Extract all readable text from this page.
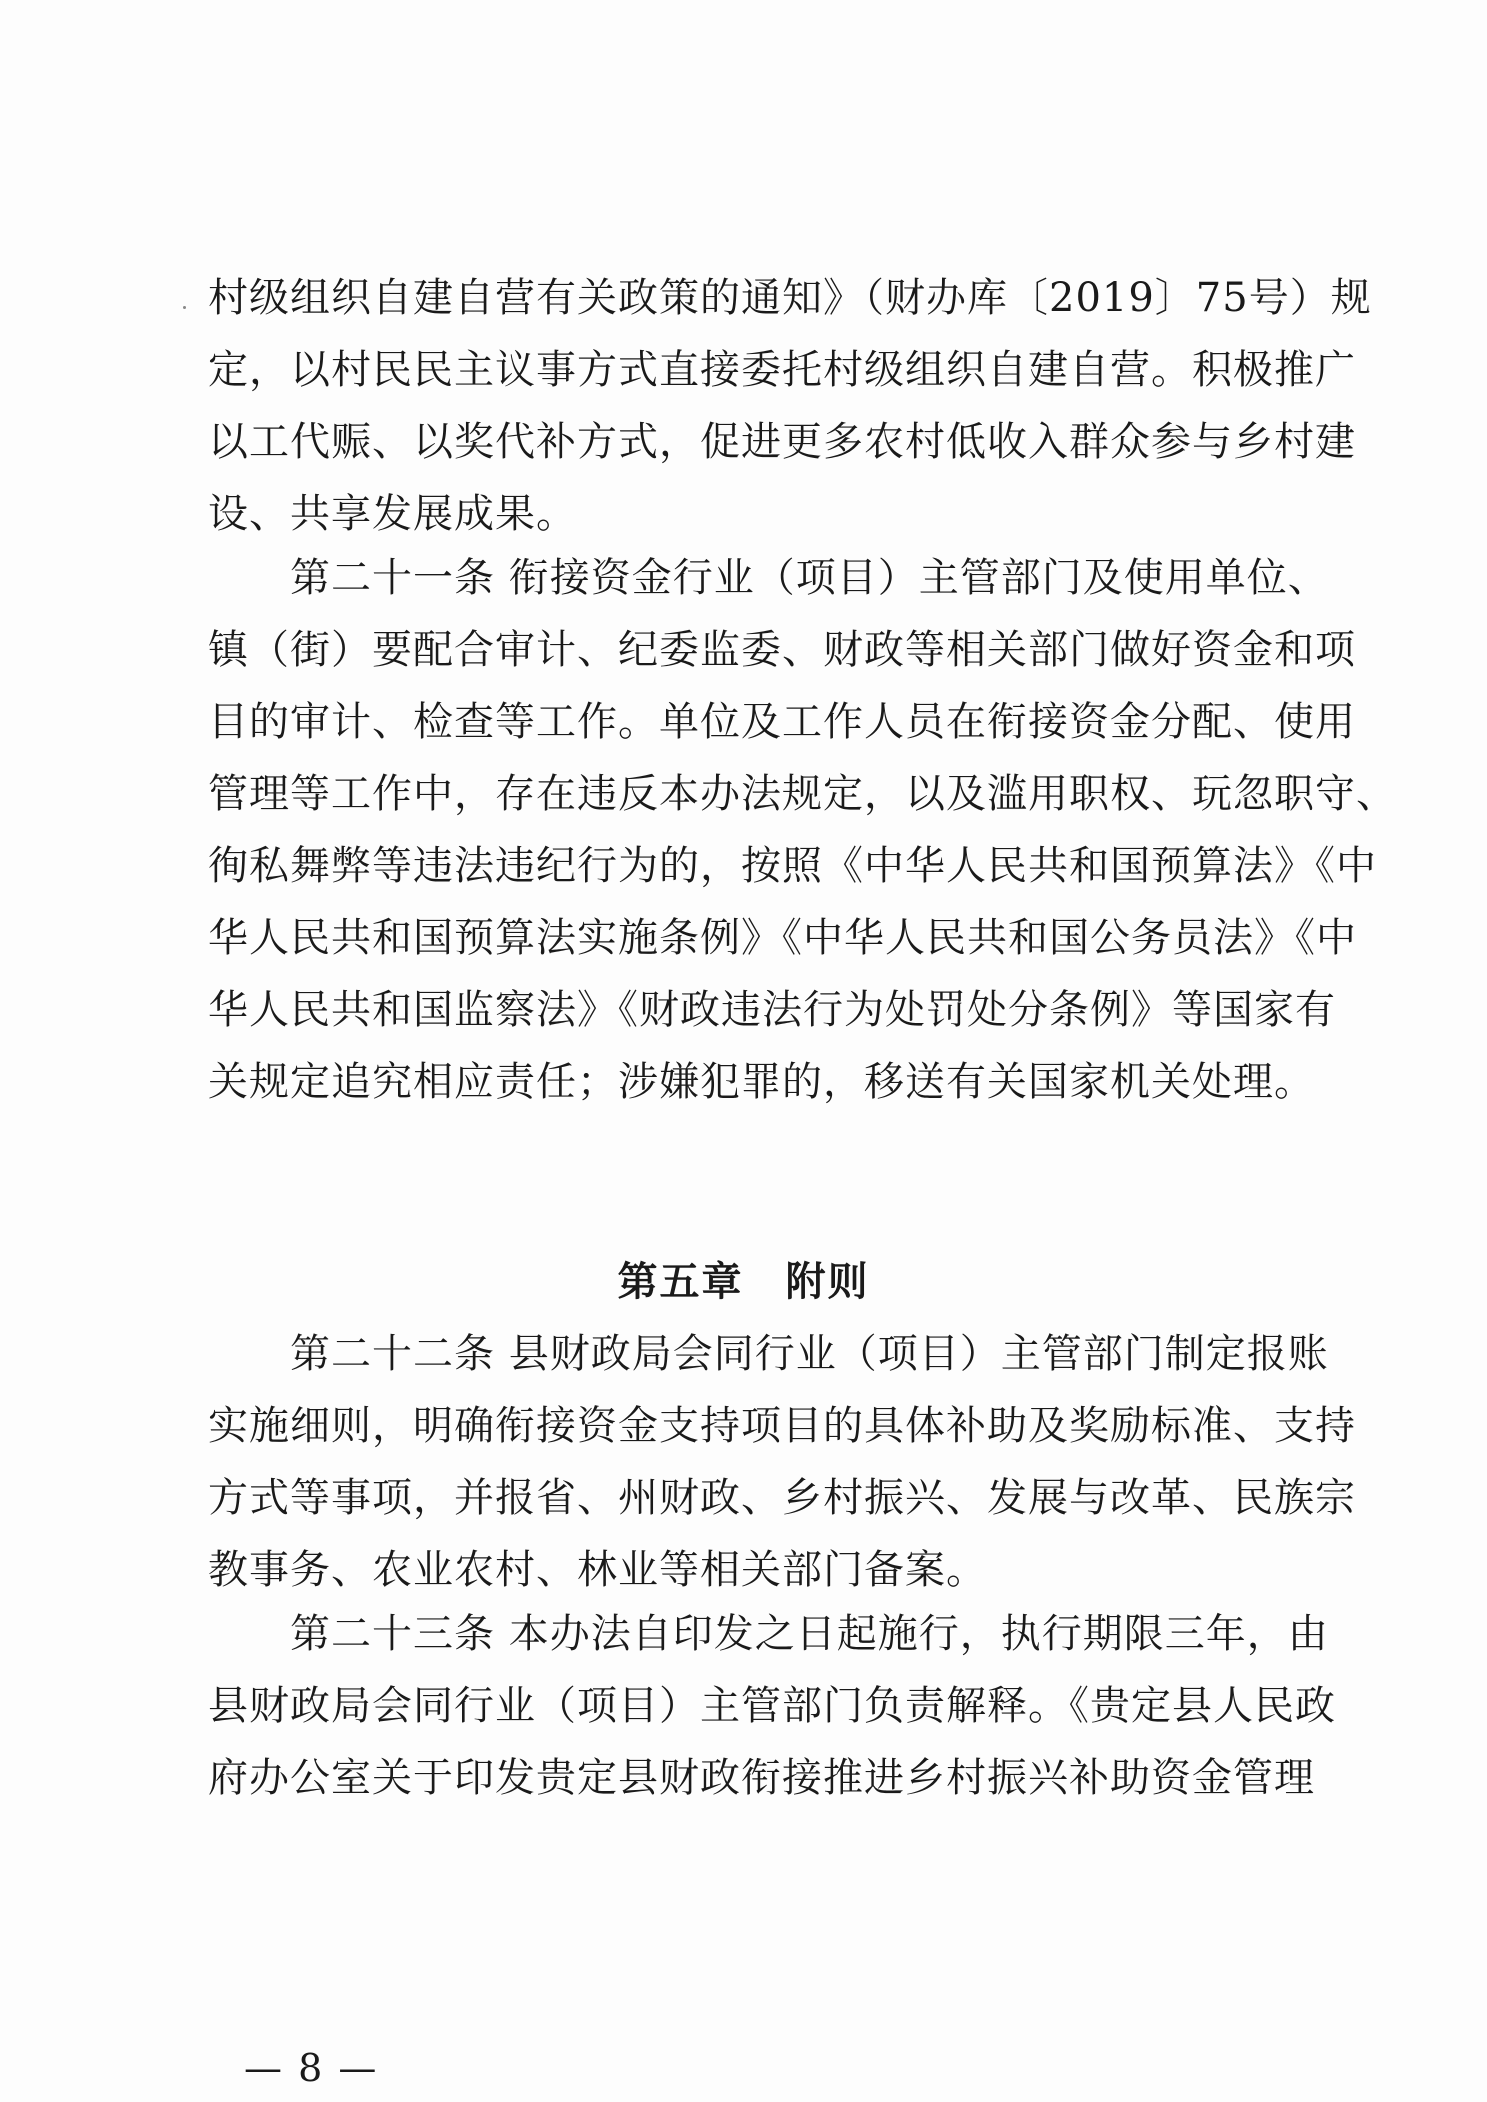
村级组织自建自营有关政策的通知》（财办库〔2019〕75号）规
定，以村民民主议事方式直接委托村级组织自建自营。积极推广
以工代赈、以奖代补方式，促进更多农村低收入群众参与乡村建
设、共享发展成果。
　　第二十一条 衔接资金行业（项目）主管部门及使用单位、
镇（街）要配合审计、纪委监委、财政等相关部门做好资金和项
目的审计、检查等工作。单位及工作人员在衔接资金分配、使用
管理等工作中，存在违反本办法规定，以及滥用职权、玩忽职守、
徇私舞弊等违法违纪行为的，按照《中华人民共和国预算法》《中
华人民共和国预算法实施条例》《中华人民共和国公务员法》《中
华人民共和国监察法》《财政违法行为处罚处分条例》等国家有
关规定追究相应责任；涉嫌犯罪的，移送有关国家机关处理。
第五章　附则
　　第二十二条 县财政局会同行业（项目）主管部门制定报账
实施细则，明确衔接资金支持项目的具体补助及奖励标准、支持
方式等事项，并报省、州财政、乡村振兴、发展与改革、民族宗
教事务、农业农村、林业等相关部门备案。
　　第二十三条 本办法自印发之日起施行，执行期限三年，由
县财政局会同行业（项目）主管部门负责解释。《贵定县人民政
府办公室关于印发贵定县财政衔接推进乡村振兴补助资金管理
— 8 —
